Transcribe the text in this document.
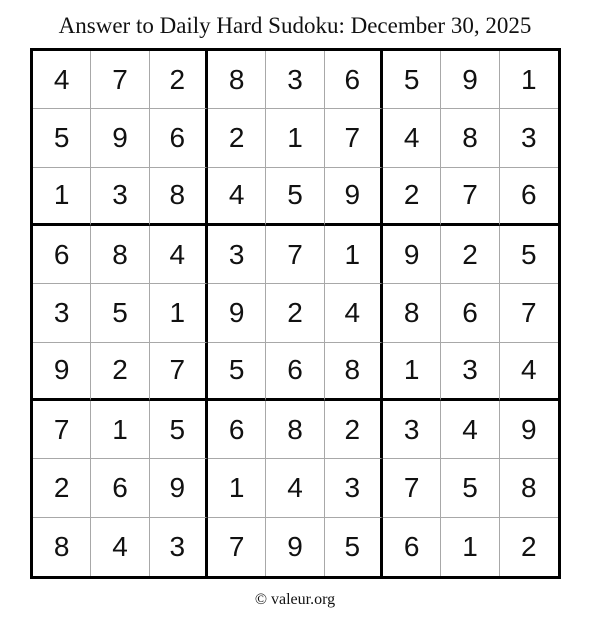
Answer to Daily Hard Sudoku: December 30, 2025
4	7	2	8	3	6	5	9	1
5	9	6	2	1	7	4	8	3
1	3	8	4	5	9	2	7	6
6	8	4	3	7	1	9	2	5
3	5	1	9	2	4	8	6	7
9	2	7	5	6	8	1	3	4
7	1	5	6	8	2	3	4	9
2	6	9	1	4	3	7	5	8
8	4	3	7	9	5	6	1	2
© valeur.org
